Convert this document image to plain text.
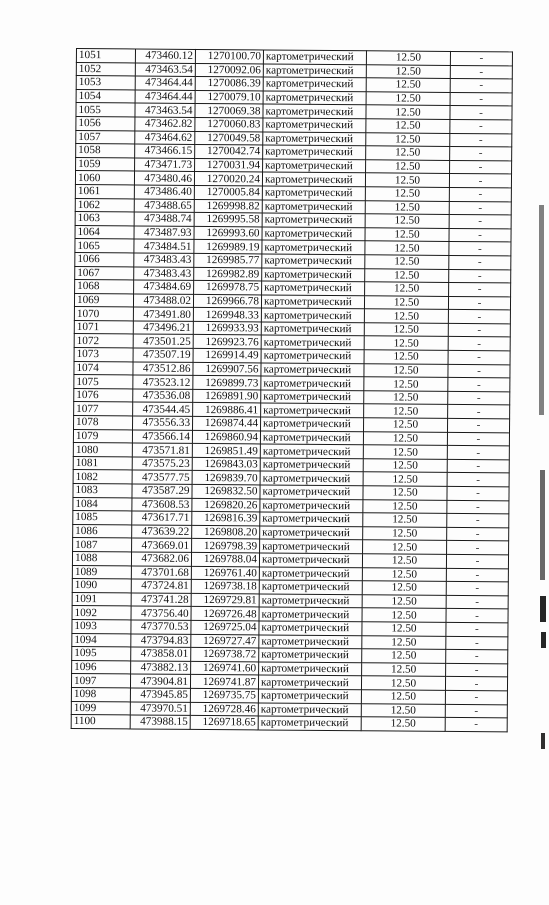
1051	473460.12	1270100.70	картометрический	12.50	-
1052	473463.54	1270092.06	картометрический	12.50	-
1053	473464.44	1270086.39	картометрический	12.50	-
1054	473464.44	1270079.10	картометрический	12.50	-
1055	473463.54	1270069.38	картометрический	12.50	-
1056	473462.82	1270060.83	картометрический	12.50	-
1057	473464.62	1270049.58	картометрический	12.50	-
1058	473466.15	1270042.74	картометрический	12.50	-
1059	473471.73	1270031.94	картометрический	12.50	-
1060	473480.46	1270020.24	картометрический	12.50	-
1061	473486.40	1270005.84	картометрический	12.50	-
1062	473488.65	1269998.82	картометрический	12.50	-
1063	473488.74	1269995.58	картометрический	12.50	-
1064	473487.93	1269993.60	картометрический	12.50	-
1065	473484.51	1269989.19	картометрический	12.50	-
1066	473483.43	1269985.77	картометрический	12.50	-
1067	473483.43	1269982.89	картометрический	12.50	-
1068	473484.69	1269978.75	картометрический	12.50	-
1069	473488.02	1269966.78	картометрический	12.50	-
1070	473491.80	1269948.33	картометрический	12.50	-
1071	473496.21	1269933.93	картометрический	12.50	-
1072	473501.25	1269923.76	картометрический	12.50	-
1073	473507.19	1269914.49	картометрический	12.50	-
1074	473512.86	1269907.56	картометрический	12.50	-
1075	473523.12	1269899.73	картометрический	12.50	-
1076	473536.08	1269891.90	картометрический	12.50	-
1077	473544.45	1269886.41	картометрический	12.50	-
1078	473556.33	1269874.44	картометрический	12.50	-
1079	473566.14	1269860.94	картометрический	12.50	-
1080	473571.81	1269851.49	картометрический	12.50	-
1081	473575.23	1269843.03	картометрический	12.50	-
1082	473577.75	1269839.70	картометрический	12.50	-
1083	473587.29	1269832.50	картометрический	12.50	-
1084	473608.53	1269820.26	картометрический	12.50	-
1085	473617.71	1269816.39	картометрический	12.50	-
1086	473639.22	1269808.20	картометрический	12.50	-
1087	473669.01	1269798.39	картометрический	12.50	-
1088	473682.06	1269788.04	картометрический	12.50	-
1089	473701.68	1269761.40	картометрический	12.50	-
1090	473724.81	1269738.18	картометрический	12.50	-
1091	473741.28	1269729.81	картометрический	12.50	-
1092	473756.40	1269726.48	картометрический	12.50	-
1093	473770.53	1269725.04	картометрический	12.50	-
1094	473794.83	1269727.47	картометрический	12.50	-
1095	473858.01	1269738.72	картометрический	12.50	-
1096	473882.13	1269741.60	картометрический	12.50	-
1097	473904.81	1269741.87	картометрический	12.50	-
1098	473945.85	1269735.75	картометрический	12.50	-
1099	473970.51	1269728.46	картометрический	12.50	-
1100	473988.15	1269718.65	картометрический	12.50	-
